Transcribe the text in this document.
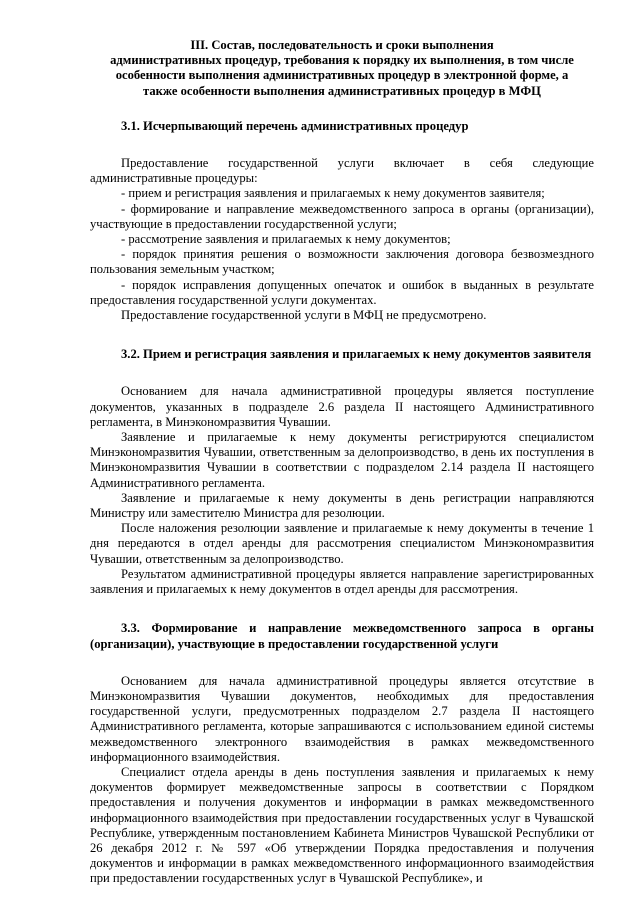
III. Состав, последовательность и сроки выполнения
административных процедур, требования к порядку их выполнения, в том числе
особенности выполнения административных процедур в электронной форме, а
также особенности выполнения административных процедур в МФЦ
3.1. Исчерпывающий перечень административных процедур

Предоставление государственной услуги включает в себя следующие административные процедуры:

- прием и регистрация заявления и прилагаемых к нему документов заявителя;

- формирование и направление межведомственного запроса в органы (организации), участвующие в предоставлении государственной услуги;

- рассмотрение заявления и прилагаемых к нему документов;

- порядок принятия решения о возможности заключения договора безвозмездного пользования земельным участком;

- порядок исправления допущенных опечаток и ошибок в выданных в результате предоставления государственной услуги документах.

Предоставление государственной услуги в МФЦ не предусмотрено.

3.2. Прием и регистрация заявления и прилагаемых к нему документов заявителя

Основанием для начала административной процедуры является поступление документов, указанных в подразделе 2.6 раздела II настоящего Административного регламента, в Минэкономразвития Чувашии.

Заявление и прилагаемые к нему документы регистрируются специалистом Минэкономразвития Чувашии, ответственным за делопроизводство, в день их поступления в Минэкономразвития Чувашии в соответствии с подразделом 2.14 раздела II настоящего Административного регламента.

Заявление и прилагаемые к нему документы в день регистрации направляются Министру или заместителю Министра для резолюции.

После наложения резолюции заявление и прилагаемые к нему документы в течение 1 дня передаются в отдел аренды для рассмотрения специалистом Минэкономразвития Чувашии, ответственным за делопроизводство.

Результатом административной процедуры является направление зарегистрированных заявления и прилагаемых к нему документов в отдел аренды для рассмотрения.

3.3. Формирование и направление межведомственного запроса в органы (организации), участвующие в предоставлении государственной услуги

Основанием для начала административной процедуры является отсутствие в Минэкономразвития Чувашии документов, необходимых для предоставления государственной услуги, предусмотренных подразделом 2.7 раздела II настоящего Административного регламента, которые запрашиваются с использованием единой системы межведомственного электронного взаимодействия в рамках межведомственного информационного взаимодействия.

Специалист отдела аренды в день поступления заявления и прилагаемых к нему документов формирует межведомственные запросы в соответствии с Порядком предоставления и получения документов и информации в рамках межведомственного информационного взаимодействия при предоставлении государственных услуг в Чувашской Республике, утвержденным постановлением Кабинета Министров Чувашской Республики от 26 декабря 2012 г. № 597 «Об утверждении Порядка предоставления и получения документов и информации в рамках межведомственного информационного взаимодействия при предоставлении государственных услуг в Чувашской Республике», и
